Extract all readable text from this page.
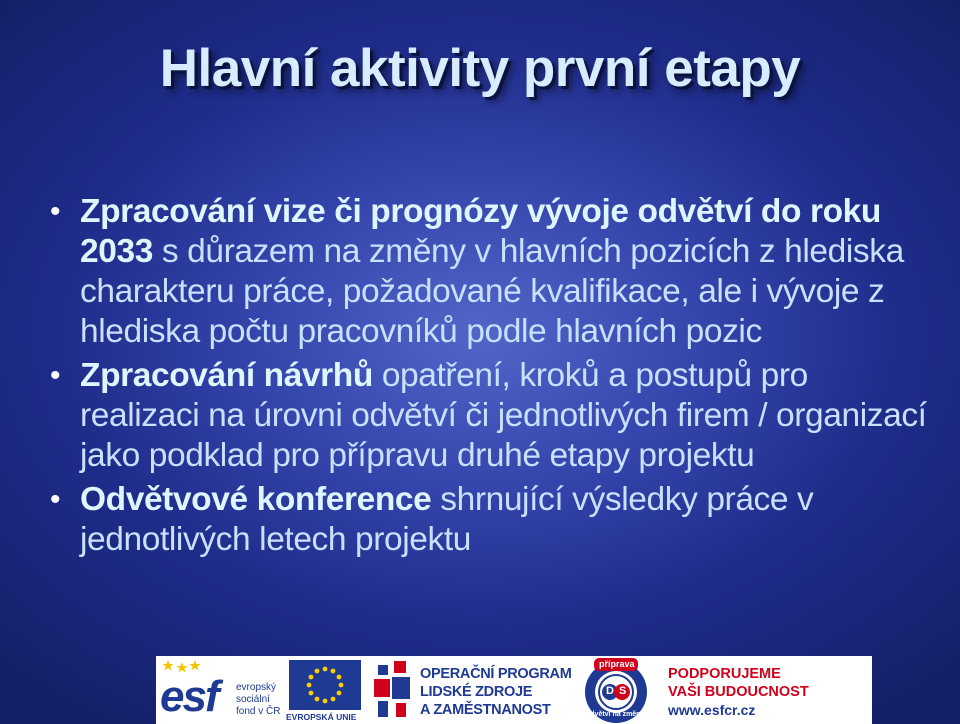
Hlavní aktivity první etapy
• Zpracování vize či prognózy vývoje odvětví do roku 2033 s důrazem na změny v hlavních pozicích z hlediska charakteru práce, požadované kvalifikace, ale i vývoje z hlediska počtu pracovníků podle hlavních pozic
• Zpracování návrhů opatření, kroků a postupů pro realizaci na úrovni odvětví či jednotlivých firem / organizací jako podklad pro přípravu druhé etapy projektu
• Odvětvové konference shrnující výsledky práce v jednotlivých letech projektu
esf evropský
sociální
fond v ČR EVROPSKÁ UNIE
OPERAČNÍ PROGRAM
LIDSKÉ ZDROJE
A ZAMĚSTNANOST
příprava
D S
odvětví na změny
PODPORUJEME
VAŠI BUDOUCNOST
www.esfcr.cz
